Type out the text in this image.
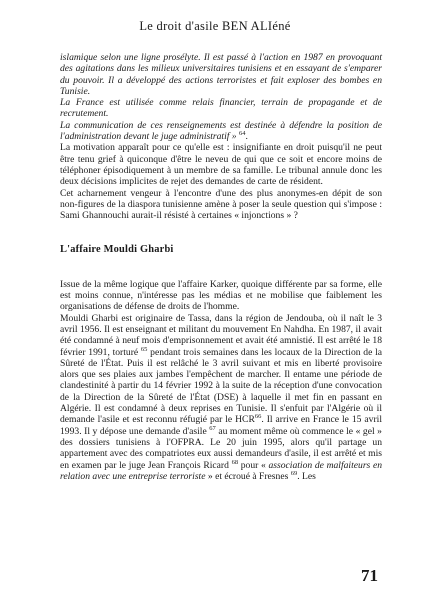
Le droit d'asile BEN ALIéné

islamique selon une ligne prosélyte. Il est passé à l'action en 1987 en provoquant des agitations dans les milieux universitaires tunisiens et en essayant de s'emparer du pouvoir. Il a développé des actions terroristes et fait exploser des bombes en Tunisie.

La France est utilisée comme relais financier, terrain de propagande et de recrutement.

La communication de ces renseignements est destinée à défendre la position de l'administration devant le juge administratif » $^{64}$.

La motivation apparaît pour ce qu'elle est : insignifiante en droit puisqu'il ne peut être tenu grief à quiconque d'être le neveu de qui que ce soit et encore moins de téléphoner épisodiquement à un membre de sa famille. Le tribunal annule donc les deux décisions implicites de rejet des demandes de carte de résident.

Cet acharnement vengeur à l'encontre d'une des plus anonymes-en dépit de son non-figures de la diaspora tunisienne amène à poser la seule question qui s'impose : Sami Ghannouchi aurait-il résisté à certaines « injonctions » ?

L'affaire Mouldi Gharbi

Issue de la même logique que l'affaire Karker, quoique différente par sa forme, elle est moins connue, n'intéresse pas les médias et ne mobilise que faiblement les organisations de défense de droits de l'homme.

Mouldi Gharbi est originaire de Tassa, dans la région de Jendouba, où il naît le 3 avril 1956. Il est enseignant et militant du mouvement En Nahdha. En 1987, il avait été condamné à neuf mois d'emprisonnement et avait été amnistié. Il est arrêté le 18 février 1991, torturé $^{65}$ pendant trois semaines dans les locaux de la Direction de la Sûreté de l'État. Puis il est relâché le 3 avril suivant et mis en liberté provisoire alors que ses plaies aux jambes l'empêchent de marcher. Il entame une période de clandestinité à partir du 14 février 1992 à la suite de la réception d'une convocation de la Direction de la Sûreté de l'État (DSE) à laquelle il met fin en passant en Algérie. Il est condamné à deux reprises en Tunisie. Il s'enfuit par l'Algérie où il demande l'asile et est reconnu réfugié par le HCR$^{66}$. Il arrive en France le 15 avril 1993. Il y dépose une demande d'asile $^{67}$ au moment même où commence le « gel » des dossiers tunisiens à l'OFPRA. Le 20 juin 1995, alors qu'il partage un appartement avec des compatriotes eux aussi demandeurs d'asile, il est arrêté et mis en examen par le juge Jean François Ricard $^{68}$ pour « association de malfaiteurs en relation avec une entreprise terroriste » et écroué à Fresnes $^{69}$. Les

71
